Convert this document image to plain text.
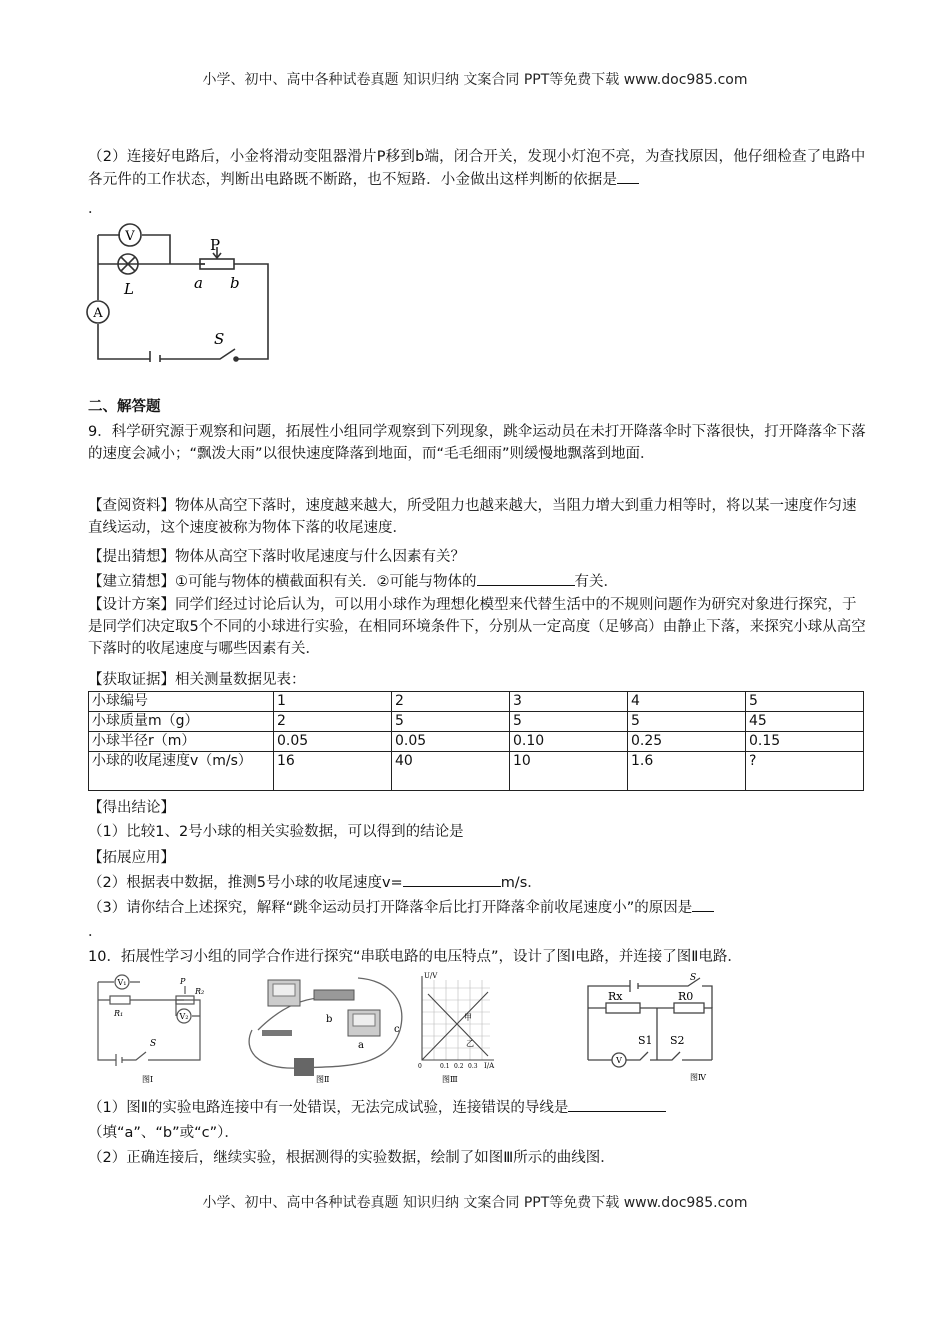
小学、初中、高中各种试卷真题 知识归纳 文案合同 PPT等免费下载 www.doc985.com
（2）连接好电路后，小金将滑动变阻器滑片P移到b端，闭合开关，发现小灯泡不亮，为查找原因，他仔细检查了电路中各元件的工作状态，判断出电路既不断路，也不短路．小金做出这样判断的依据是
．
V
A
L
P
a b
S
二、解答题
9．科学研究源于观察和问题，拓展性小组同学观察到下列现象，跳伞运动员在未打开降落伞时下落很快，打开降落伞下落的速度会减小；“飘泼大雨”以很快速度降落到地面，而“毛毛细雨”则缓慢地飘落到地面．
【查阅资料】物体从高空下落时，速度越来越大，所受阻力也越来越大，当阻力增大到重力相等时，将以某一速度作匀速直线运动，这个速度被称为物体下落的收尾速度．
【提出猜想】物体从高空下落时收尾速度与什么因素有关？
【建立猜想】①可能与物体的横截面积有关．②可能与物体的	有关．
【设计方案】同学们经过讨论后认为，可以用小球作为理想化模型来代替生活中的不规则问题作为研究对象进行探究，于是同学们决定取5个不同的小球进行实验，在相同环境条件下，分别从一定高度（足够高）由静止下落，来探究小球从高空下落时的收尾速度与哪些因素有关．
【获取证据】相关测量数据见表：
小球编号	1	2	3	4	5
小球质量m（g）	2	5	5	5	45
小球半径r（m）	0.05	0.05	0.10	0.25	0.15
小球的收尾速度v（m/s）	16	40	10	1.6	?
【得出结论】
（1）比较1、2号小球的相关实验数据，可以得到的结论是
【拓展应用】
（2）根据表中数据，推测5号小球的收尾速度v=	m/s．
（3）请你结合上述探究，解释“跳伞运动员打开降落伞后比打开降落伞前收尾速度小”的原因是
．
10．拓展性学习小组的同学合作进行探究“串联电路的电压特点”，设计了图Ⅰ电路，并连接了图Ⅱ电路．
V₁
V₂
R₁
R₂
P
S
图Ⅰ
b
a
c
图Ⅱ
U/V
I/A
0	0.1 0.2 0.3
甲
乙
图Ⅲ
S
Rx	R0
S1 S2
V
图Ⅳ
（1）图Ⅱ的实验电路连接中有一处错误，无法完成试验，连接错误的导线是
（填“a”、“b”或“c”）．
（2）正确连接后，继续实验，根据测得的实验数据，绘制了如图Ⅲ所示的曲线图．
小学、初中、高中各种试卷真题 知识归纳 文案合同 PPT等免费下载 www.doc985.com
